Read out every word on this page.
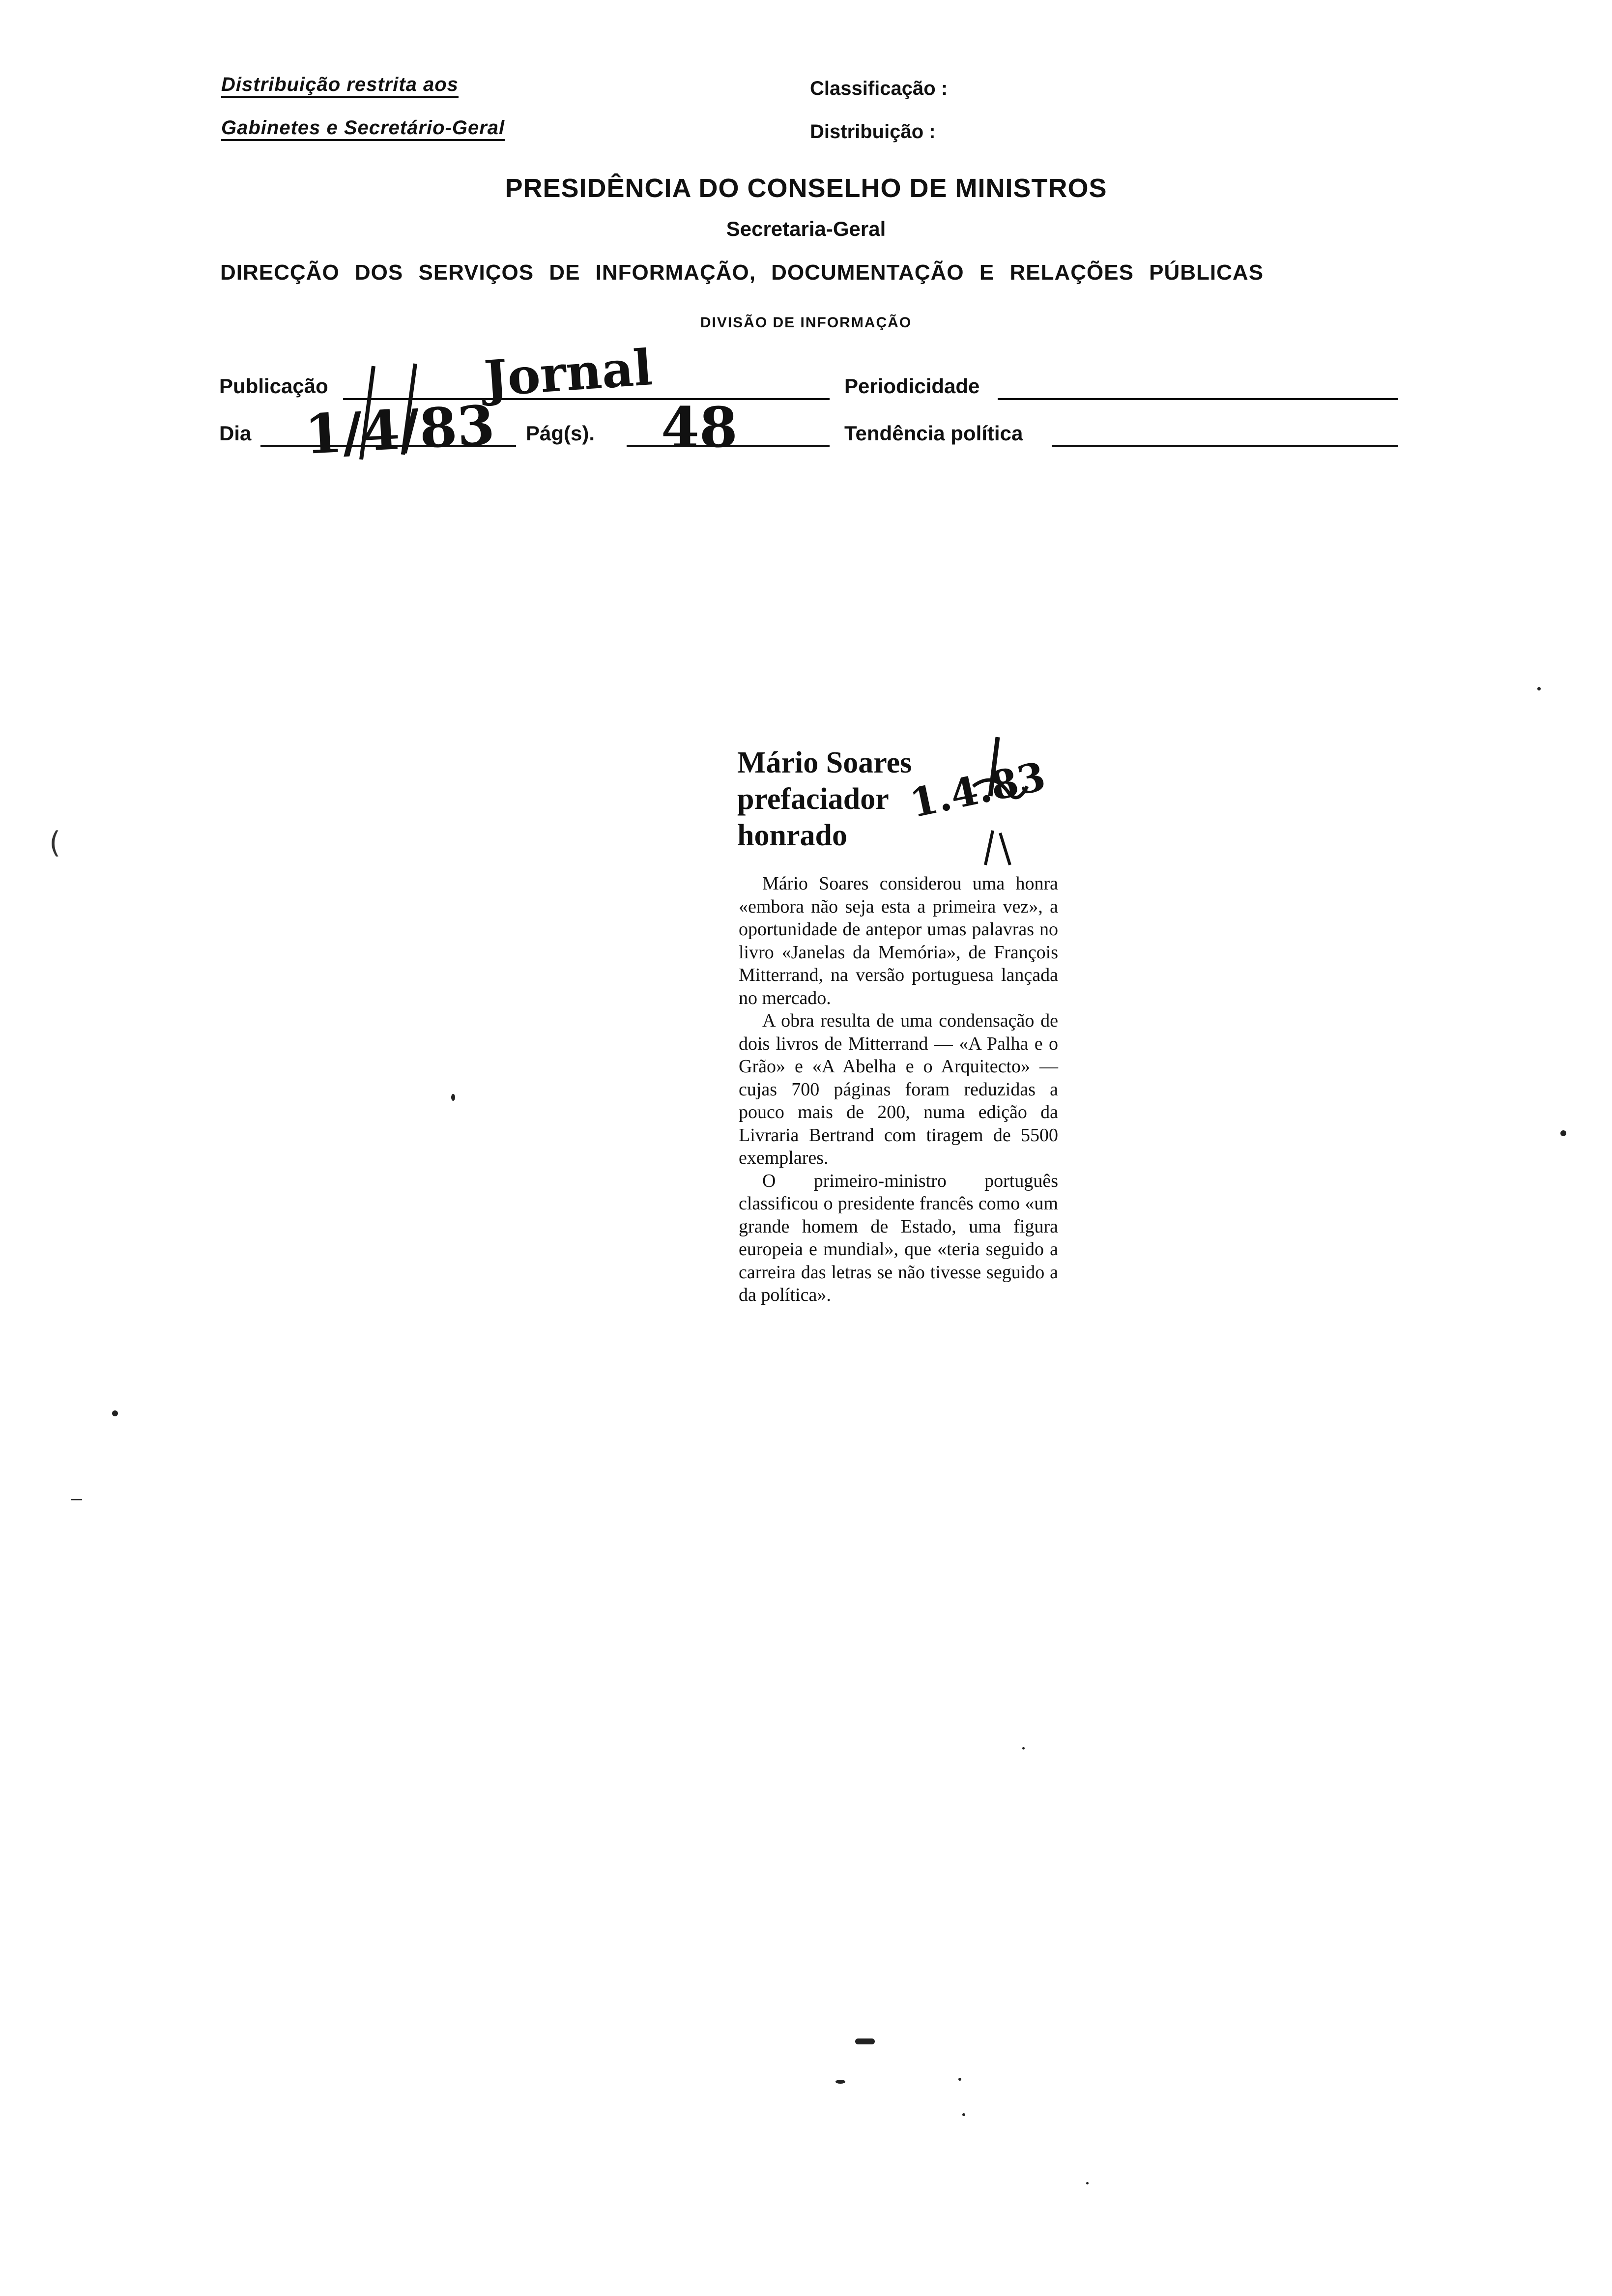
Distribuição restrita aos
Gabinetes e Secretário-Geral
Classificação :
Distribuição :
PRESIDÊNCIA DO CONSELHO DE MINISTROS
Secretaria-Geral
DIRECÇÃO DOS SERVIÇOS DE INFORMAÇÃO, DOCUMENTAÇÃO E RELAÇÕES PÚBLICAS
DIVISÃO DE INFORMAÇÃO
Publicação	Jornal	Periodicidade
Dia 1/4/83 Pág(s). 48	Tendência política
Mário Soares prefaciador honrado
1.4.83

Mário Soares considerou uma honra «embora não seja esta a primeira vez», a oportunidade de antepor umas palavras no livro «Janelas da Memória», de François Mitterrand, na versão portuguesa lançada no mercado.

A obra resulta de uma condensação de dois livros de Mitterrand — «A Palha e o Grão» e «A Abelha e o Arquitecto» — cujas 700 páginas foram reduzidas a pouco mais de 200, numa edição da Livraria Bertrand com tiragem de 5500 exemplares.

O primeiro-ministro português classificou o presidente francês como «um grande homem de Estado, uma figura europeia e mundial», que «teria seguido a carreira das letras se não tivesse seguido a da política».

(
